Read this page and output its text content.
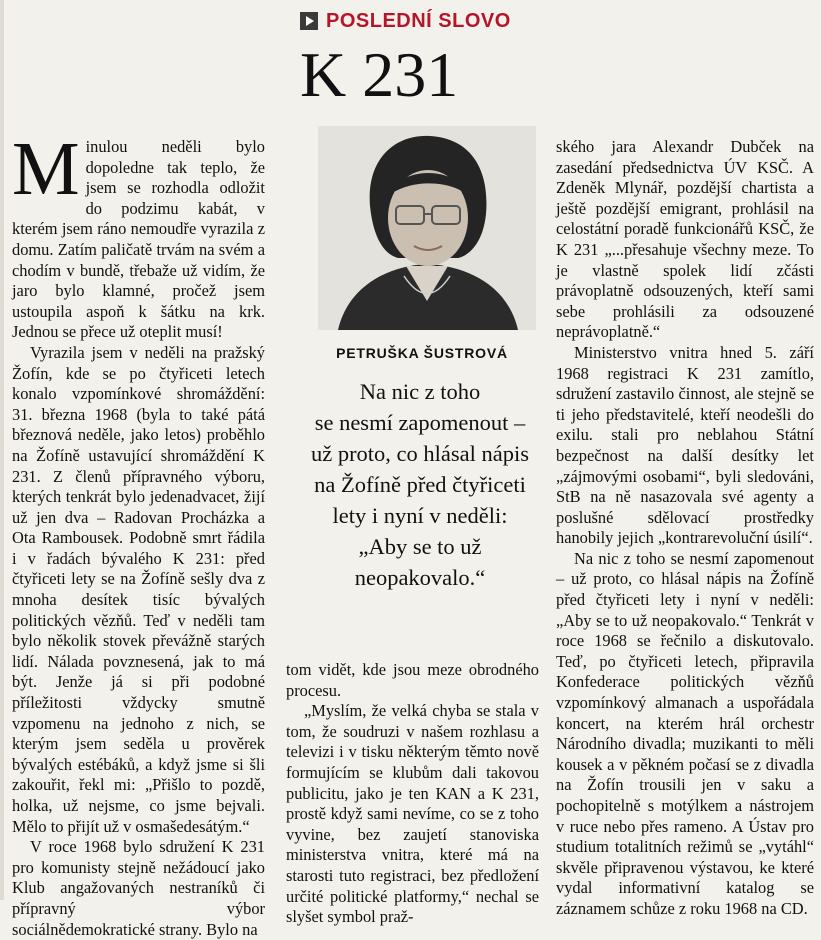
POSLEDNÍ SLOVO
K 231
PETRUŠKA ŠUSTROVÁ
Na nic z toho
se nesmí zapomenout –
už proto, co hlásal nápis
na Žofíně před čtyřiceti
lety i nyní v neděli:
„Aby se to už
neopakovalo.“

Minulou neděli bylo dopoledne tak teplo, že jsem se rozhodla odložit do podzimu kabát, v kterém jsem ráno nemoudře vyrazila z domu. Zatím paličatě trvám na svém a chodím v bundě, třebaže už vidím, že jaro bylo klamné, pročež jsem ustoupila aspoň k šátku na krk. Jednou se přece už oteplit musí!

Vyrazila jsem v neděli na pražský Žofín, kde se po čtyřiceti letech konalo vzpomínkové shromáždění: 31. března 1968 (byla to také pátá březnová neděle, jako letos) proběhlo na Žofíně ustavující shromáždění K 231. Z členů přípravného výboru, kterých tenkrát bylo jedenadvacet, žijí už jen dva – Radovan Procházka a Ota Rambousek. Podobně smrt řádila i v řadách bývalého K 231: před čtyřiceti lety se na Žofíně sešly dva z mnoha desítek tisíc bývalých politických vězňů. Teď v neděli tam bylo několik stovek převážně starých lidí. Nálada povznesená, jak to má být. Jenže já si při podobné příležitosti vždycky smutně vzpomenu na jednoho z nich, se kterým jsem seděla u prověrek bývalých estébáků, a když jsme si šli zakouřit, řekl mi: „Přišlo to pozdě, holka, už nejsme, co jsme bejvali. Mělo to přijít už v osmašedesátým.“

V roce 1968 bylo sdružení K 231 pro komunisty stejně nežádoucí jako Klub angažovaných nestraníků či přípravný výbor sociálnědemokratické strany. Bylo na

tom vidět, kde jsou meze obrodného procesu.

„Myslím, že velká chyba se stala v tom, že soudruzi v našem rozhlasu a televizi i v tisku některým těmto nově formujícím se klubům dali takovou publicitu, jako je ten KAN a K 231, prostě když sami nevíme, co se z toho vyvine, bez zaujetí stanoviska ministerstva vnitra, které má na starosti tuto registraci, bez předložení určité politické platformy,“ nechal se slyšet symbol praž-

ského jara Alexandr Dubček na zasedání předsednictva ÚV KSČ. A Zdeněk Mlynář, pozdější chartista a ještě pozdější emigrant, prohlásil na celostátní poradě funkcionářů KSČ, že K 231 „...přesahuje všechny meze. To je vlastně spolek lidí zčásti právoplatně odsouzených, kteří sami sebe prohlásili za odsouzené neprávoplatně.“

Ministerstvo vnitra hned 5. září 1968 registraci K 231 zamítlo, sdružení zastavilo činnost, ale stejně se ti jeho představitelé, kteří neodešli do exilu. stali pro neblahou Státní bezpečnost na další desítky let „zájmovými osobami“, byli sledováni, StB na ně nasazovala své agenty a poslušné sdělovací prostředky hanobily jejich „kontrarevoluční úsilí“.

Na nic z toho se nesmí zapomenout – už proto, co hlásal nápis na Žofíně před čtyřiceti lety i nyní v neděli: „Aby se to už neopakovalo.“ Tenkrát v roce 1968 se řečnilo a diskutovalo. Teď, po čtyřiceti letech, připravila Konfederace politických vězňů vzpomínkový almanach a uspořádala koncert, na kterém hrál orchestr Národního divadla; muzikanti to měli kousek a v pěkném počasí se z divadla na Žofín trousili jen v saku a pochopitelně s motýlkem a nástrojem v ruce nebo přes rameno. A Ústav pro studium totalitních režimů se „vytáhl“ skvěle připravenou výstavou, ke které vydal informativní katalog se záznamem schůze z roku 1968 na CD.
